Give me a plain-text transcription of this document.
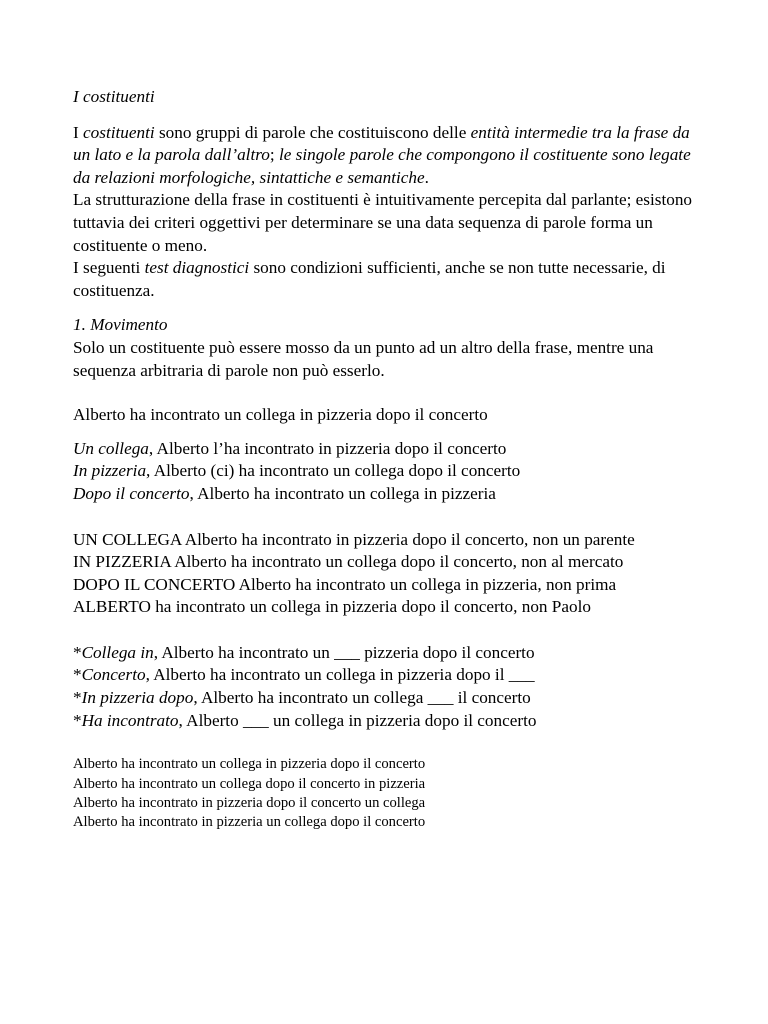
I costituenti

I costituenti sono gruppi di parole che costituiscono delle entità intermedie tra la frase da un lato e la parola dall’altro; le singole parole che compongono il costituente sono legate da relazioni morfologiche, sintattiche e semantiche.
La strutturazione della frase in costituenti è intuitivamente percepita dal parlante; esistono tuttavia dei criteri oggettivi per determinare se una data sequenza di parole forma un costituente o meno.
I seguenti test diagnostici sono condizioni sufficienti, anche se non tutte necessarie, di costituenza.
1. Movimento
Solo un costituente può essere mosso da un punto ad un altro della frase, mentre una sequenza arbitraria di parole non può esserlo.

Alberto ha incontrato un collega in pizzeria dopo il concerto

Un collega, Alberto l’ha incontrato in pizzeria dopo il concerto
In pizzeria, Alberto (ci) ha incontrato un collega dopo il concerto
Dopo il concerto, Alberto ha incontrato un collega in pizzeria
UN COLLEGA Alberto ha incontrato in pizzeria dopo il concerto, non un parente
IN PIZZERIA Alberto ha incontrato un collega dopo il concerto, non al mercato
DOPO IL CONCERTO Alberto ha incontrato un collega in pizzeria, non prima
ALBERTO ha incontrato un collega in pizzeria dopo il concerto, non Paolo
*Collega in, Alberto ha incontrato un ___ pizzeria dopo il concerto
*Concerto, Alberto ha incontrato un collega in pizzeria dopo il ___
*In pizzeria dopo, Alberto ha incontrato un collega ___ il concerto
*Ha incontrato, Alberto ___ un collega in pizzeria dopo il concerto
Alberto ha incontrato un collega in pizzeria dopo il concerto
Alberto ha incontrato un collega dopo il concerto in pizzeria
Alberto ha incontrato in pizzeria dopo il concerto un collega
Alberto ha incontrato in pizzeria un collega dopo il concerto
